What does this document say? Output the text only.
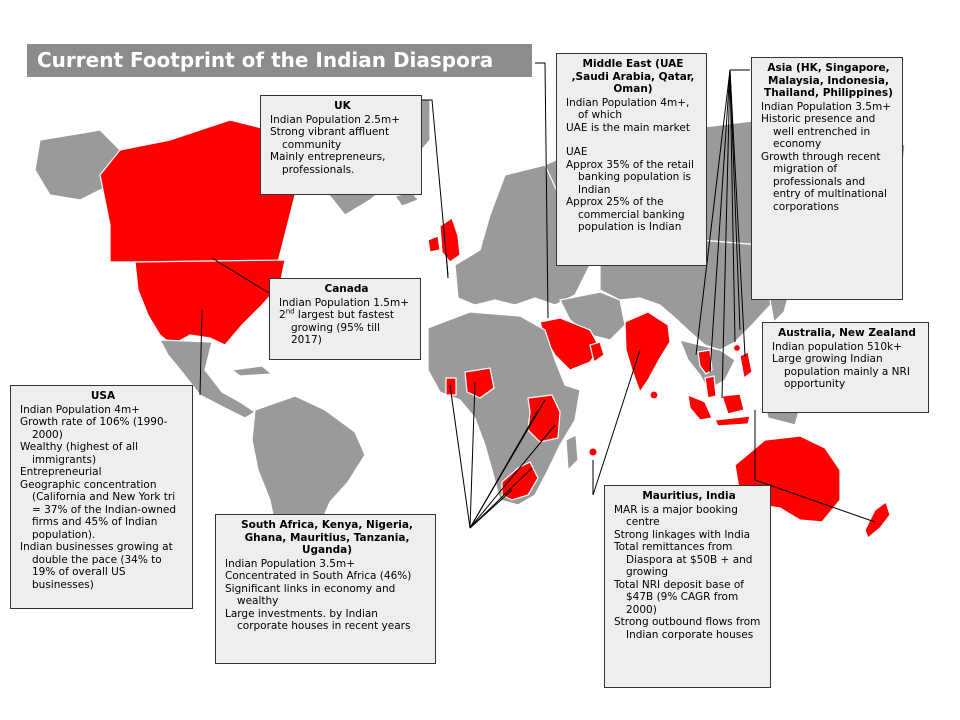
Current Footprint of the Indian Diaspora
UK
Indian Population 2.5m+
Strong vibrant affluent community
Mainly entrepreneurs, professionals.
Middle East (UAE ,Saudi Arabia, Qatar, Oman)
Indian Population 4m+, of which
UAE is the main market
UAE
Approx 35% of the retail banking population is Indian
Approx 25% of the commercial banking population is Indian
Asia (HK, Singapore, Malaysia, Indonesia, Thailand, Philippines)
Indian Population 3.5m+
Historic presence and well entrenched in economy
Growth through recent migration of professionals and entry of multinational corporations
Canada
Indian Population 1.5m+
2nd largest but fastest growing (95% till 2017)
Australia, New Zealand
Indian population 510k+
Large growing Indian population mainly a NRI opportunity
USA
Indian Population 4m+
Growth rate of 106% (1990-2000)
Wealthy (highest of all immigrants)
Entrepreneurial
Geographic concentration (California and New York tri = 37% of the Indian-owned firms and 45% of Indian population).
Indian businesses growing at double the pace (34% to 19% of overall US businesses)
South Africa, Kenya, Nigeria, Ghana, Mauritius, Tanzania, Uganda)
Indian Population 3.5m+
Concentrated in South Africa (46%)
Significant links in economy and wealthy
Large investments. by Indian corporate houses in recent years
Mauritius, India
MAR is a major booking centre
Strong linkages with India
Total remittances from Diaspora at $50B + and growing
Total NRI deposit base of $47B (9% CAGR from 2000)
Strong outbound flows from Indian corporate houses
